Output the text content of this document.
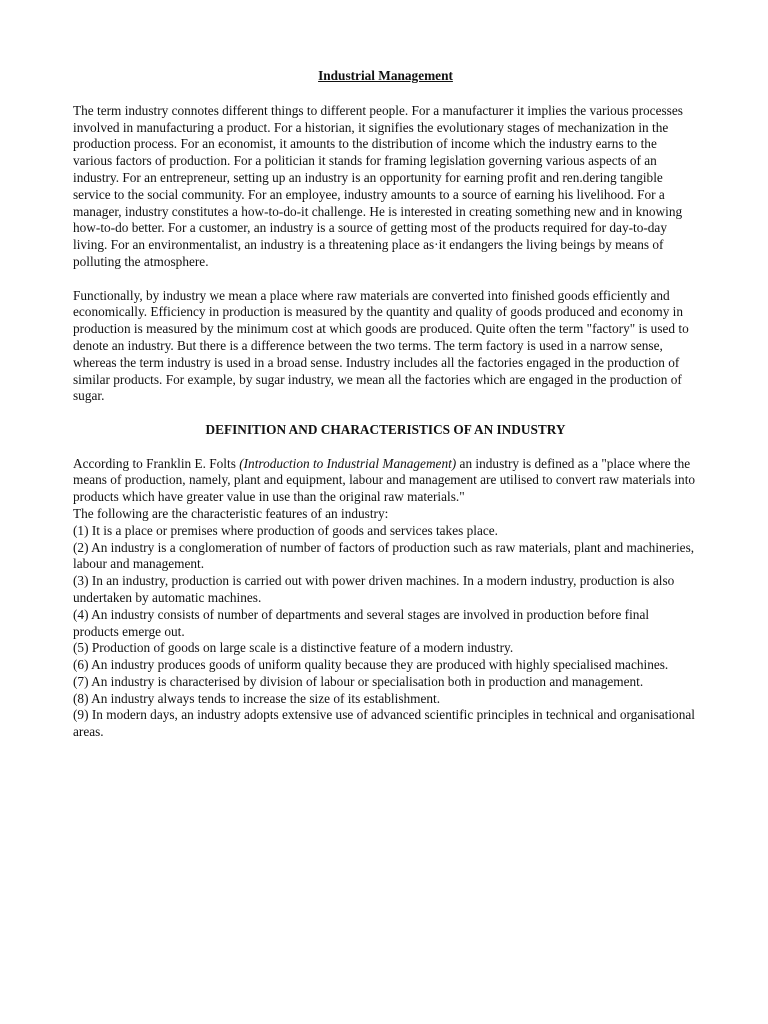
Industrial Management

The term industry connotes different things to different people. For a manufacturer it implies the various processes involved in manufacturing a product. For a historian, it signifies the evolutionary stages of mechanization in the production process. For an economist, it amounts to the distribution of income which the industry earns to the various factors of production. For a politician it stands for framing legislation governing various aspects of an industry. For an entrepreneur, setting up an industry is an opportunity for earning profit and ren.dering tangible service to the social community. For an employee, industry amounts to a source of earning his livelihood. For a manager, industry constitutes a how-to-do-it challenge. He is interested in creating something new and in knowing how-to-do better. For a customer, an industry is a source of getting most of the products required for day-to-day living. For an environmentalist, an industry is a threatening place as·it endangers the living beings by means of polluting the atmosphere.

Functionally, by industry we mean a place where raw materials are converted into finished goods efficiently and economically. Efficiency in production is measured by the quantity and quality of goods produced and economy in production is measured by the minimum cost at which goods are produced. Quite often the term "factory" is used to denote an industry. But there is a difference between the two terms. The term factory is used in a narrow sense, whereas the term industry is used in a broad sense. Industry includes all the factories engaged in the production of similar products. For example, by sugar industry, we mean all the factories which are engaged in the production of sugar.

DEFINITION AND CHARACTERISTICS OF AN INDUSTRY

According to Franklin E. Folts (Introduction to Industrial Management) an industry is defined as a "place where the means of production, namely, plant and equipment, labour and management are utilised to convert raw materials into products which have greater value in use than the original raw materials."

The following are the characteristic features of an industry:

(1) It is a place or premises where production of goods and services takes place.

(2) An industry is a conglomeration of number of factors of production such as raw materials, plant and machineries, labour and management.

(3) In an industry, production is carried out with power driven machines. In a modern industry, production is also undertaken by automatic machines.

(4) An industry consists of number of departments and several stages are involved in production before final products emerge out.

(5) Production of goods on large scale is a distinctive feature of a modern industry.

(6) An industry produces goods of uniform quality because they are produced with highly specialised machines.

(7) An industry is characterised by division of labour or specialisation both in production and management.

(8) An industry always tends to increase the size of its establishment.

(9) In modern days, an industry adopts extensive use of advanced scientific principles in technical and organisational areas.
